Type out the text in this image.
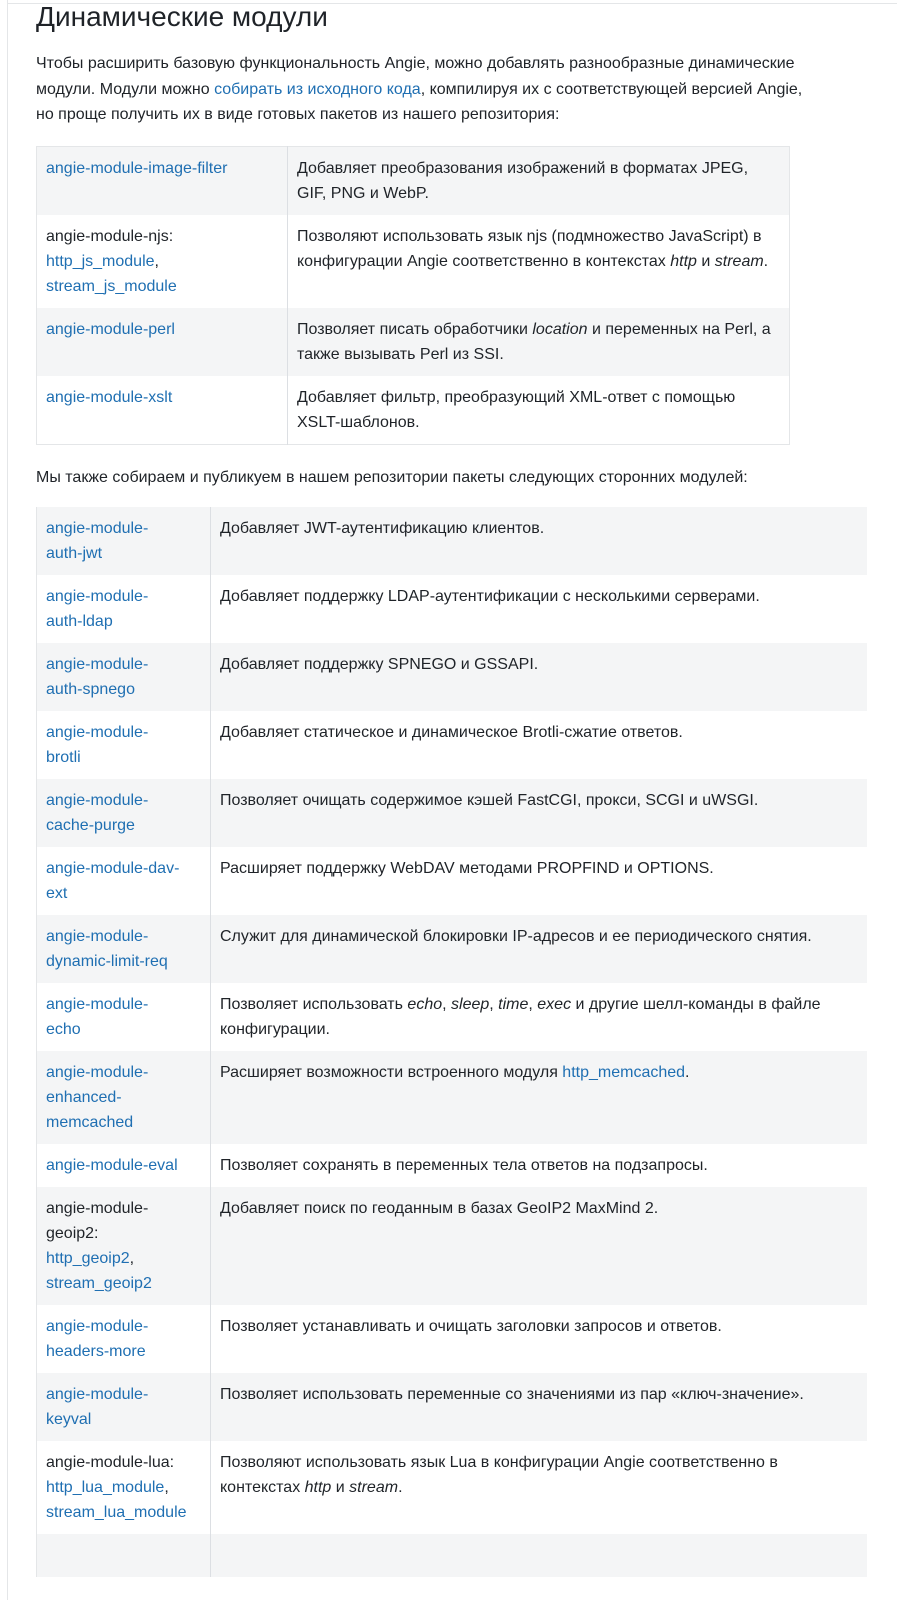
Динамические модули

Чтобы расширить базовую функциональность Angie, можно добавлять разнообразные динамические модули. Модули можно собирать из исходного кода, компилируя их с соответствующей версией Angie, но проще получить их в виде готовых пакетов из нашего репозитория:

angie-module-image-filter	Добавляет преобразования изображений в форматах JPEG, GIF, PNG и WebP.
angie-module-njs:
http_js_module,
stream_js_module	Позволяют использовать язык njs (подмножество JavaScript) в конфигурации Angie соответственно в контекстах http и stream.
angie-module-perl	Позволяет писать обработчики location и переменных на Perl, а также вызывать Perl из SSI.
angie-module-xslt	Добавляет фильтр, преобразующий XML-ответ с помощью XSLT-шаблонов.

Мы также собираем и публикуем в нашем репозитории пакеты следующих сторонних модулей:

angie-module-
auth-jwt	Добавляет JWT-аутентификацию клиентов.
angie-module-
auth-ldap	Добавляет поддержку LDAP-аутентификации с несколькими серверами.
angie-module-
auth-spnego	Добавляет поддержку SPNEGO и GSSAPI.
angie-module-
brotli	Добавляет статическое и динамическое Brotli-сжатие ответов.
angie-module-
cache-purge	Позволяет очищать содержимое кэшей FastCGI, прокси, SCGI и uWSGI.
angie-module-dav-
ext	Расширяет поддержку WebDAV методами PROPFIND и OPTIONS.
angie-module-
dynamic-limit-req	Служит для динамической блокировки IP-адресов и ее периодического снятия.
angie-module-
echo	Позволяет использовать echo, sleep, time, exec и другие шелл-команды в файле конфигурации.
angie-module-
enhanced-
memcached	Расширяет возможности встроенного модуля http_memcached.
angie-module-eval	Позволяет сохранять в переменных тела ответов на подзапросы.
angie-module-
geoip2:
http_geoip2,
stream_geoip2	Добавляет поиск по геоданным в базах GeoIP2 MaxMind 2.
angie-module-
headers-more	Позволяет устанавливать и очищать заголовки запросов и ответов.
angie-module-
keyval	Позволяет использовать переменные со значениями из пар «ключ-значение».
angie-module-lua:
http_lua_module,
stream_lua_module	Позволяют использовать язык Lua в конфигурации Angie соответственно в контекстах http и stream.
